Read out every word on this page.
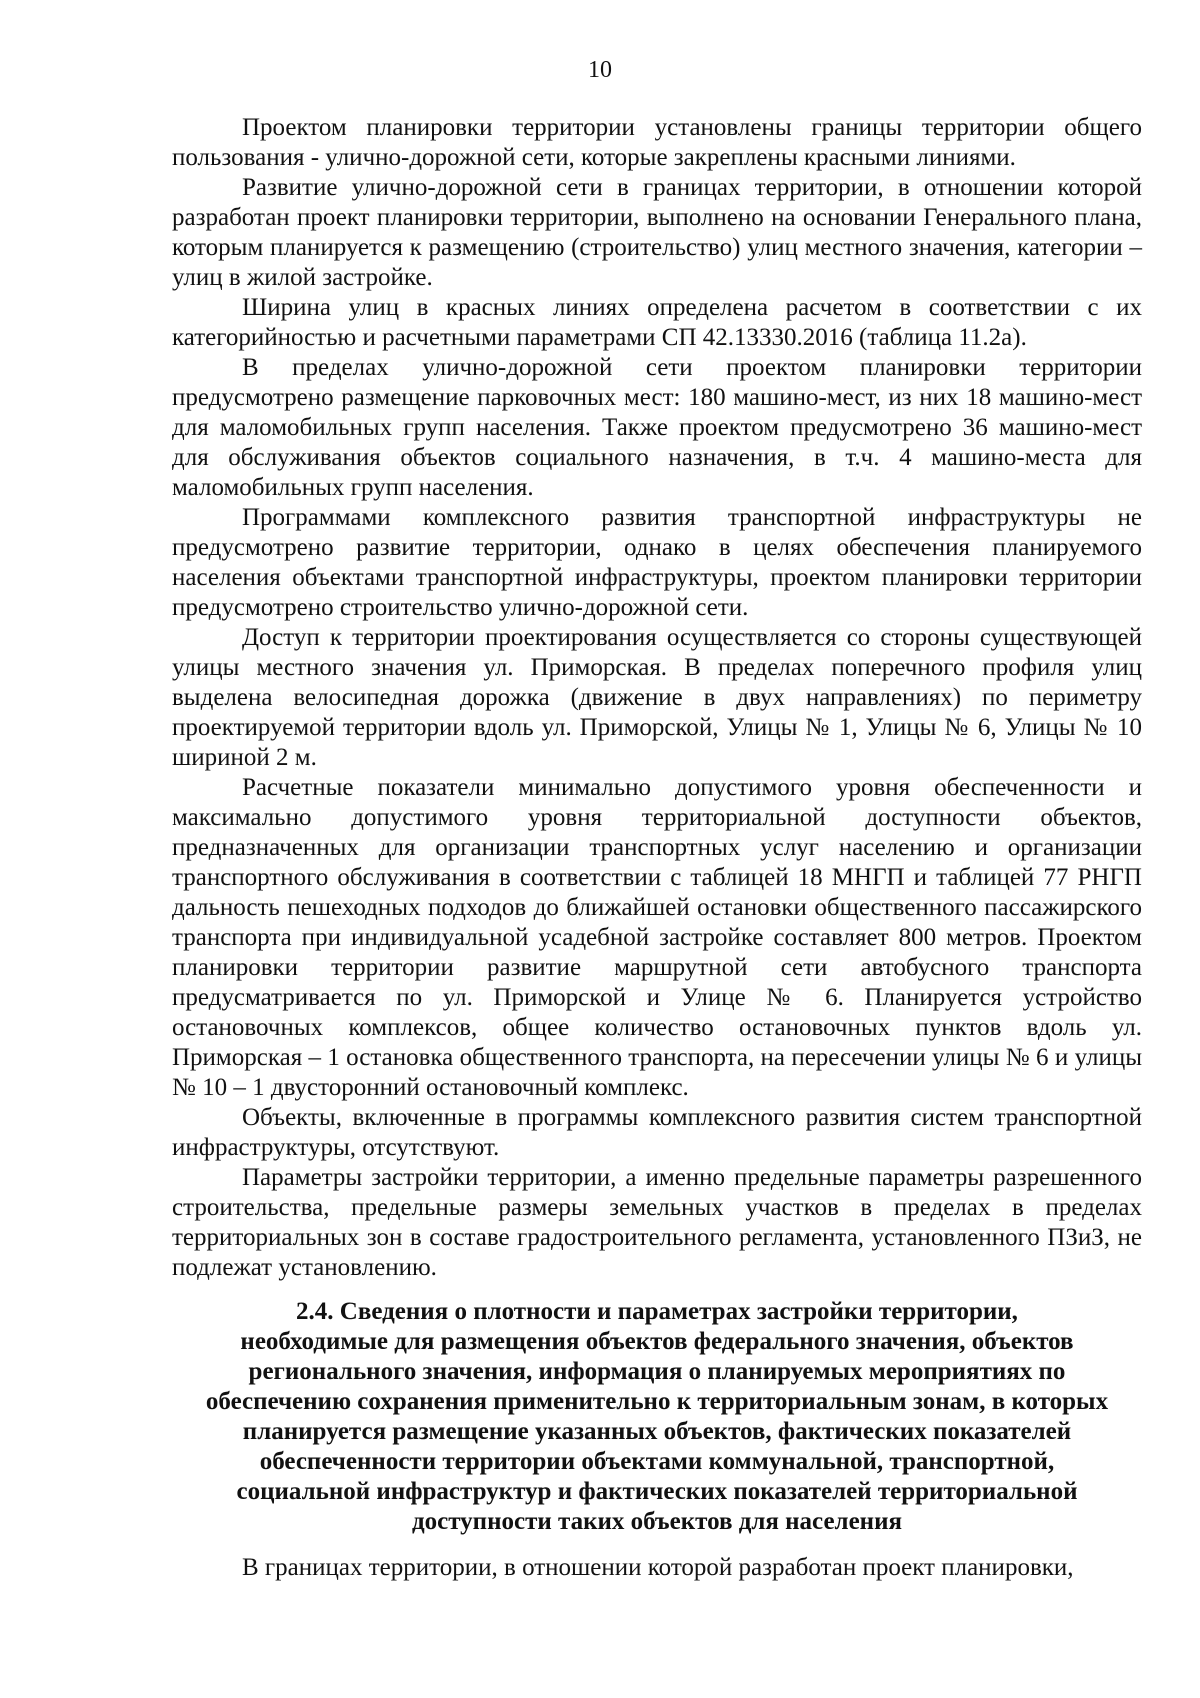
10

Проектом планировки территории установлены границы территории общего пользования - улично-дорожной сети, которые закреплены красными линиями.

Развитие улично-дорожной сети в границах территории, в отношении которой разработан проект планировки территории, выполнено на основании Генерального плана, которым планируется к размещению (строительство) улиц местного значения, категории – улиц в жилой застройке.

Ширина улиц в красных линиях определена расчетом в соответствии с их категорийностью и расчетными параметрами СП 42.13330.2016 (таблица 11.2а).

В пределах улично-дорожной сети проектом планировки территории предусмотрено размещение парковочных мест: 180 машино-мест, из них 18 машино-мест для маломобильных групп населения. Также проектом предусмотрено 36 машино-мест для обслуживания объектов социального назначения, в т.ч. 4 машино-места для маломобильных групп населения.

Программами комплексного развития транспортной инфраструктуры не предусмотрено развитие территории, однако в целях обеспечения планируемого населения объектами транспортной инфраструктуры, проектом планировки территории предусмотрено строительство улично-дорожной сети.

Доступ к территории проектирования осуществляется со стороны существующей улицы местного значения ул. Приморская. В пределах поперечного профиля улиц выделена велосипедная дорожка (движение в двух направлениях) по периметру проектируемой территории вдоль ул. Приморской, Улицы № 1, Улицы № 6, Улицы № 10 шириной 2 м.

Расчетные показатели минимально допустимого уровня обеспеченности и максимально допустимого уровня территориальной доступности объектов, предназначенных для организации транспортных услуг населению и организации транспортного обслуживания в соответствии с таблицей 18 МНГП и таблицей 77 РНГП дальность пешеходных подходов до ближайшей остановки общественного пассажирского транспорта при индивидуальной усадебной застройке составляет 800 метров. Проектом планировки территории развитие маршрутной сети автобусного транспорта предусматривается по ул. Приморской и Улице № 6. Планируется устройство остановочных комплексов, общее количество остановочных пунктов вдоль ул. Приморская – 1 остановка общественного транспорта, на пересечении улицы № 6 и улицы № 10 – 1 двусторонний остановочный комплекс.

Объекты, включенные в программы комплексного развития систем транспортной инфраструктуры, отсутствуют.

Параметры застройки территории, а именно предельные параметры разрешенного строительства, предельные размеры земельных участков в пределах в пределах территориальных зон в составе градостроительного регламента, установленного ПЗиЗ, не подлежат установлению.

2.4. Сведения о плотности и параметрах застройки территории,
необходимые для размещения объектов федерального значения, объектов
регионального значения, информация о планируемых мероприятиях по
обеспечению сохранения применительно к территориальным зонам, в которых
планируется размещение указанных объектов, фактических показателей
обеспеченности территории объектами коммунальной, транспортной,
социальной инфраструктур и фактических показателей территориальной
доступности таких объектов для населения

В границах территории, в отношении которой разработан проект планировки,
